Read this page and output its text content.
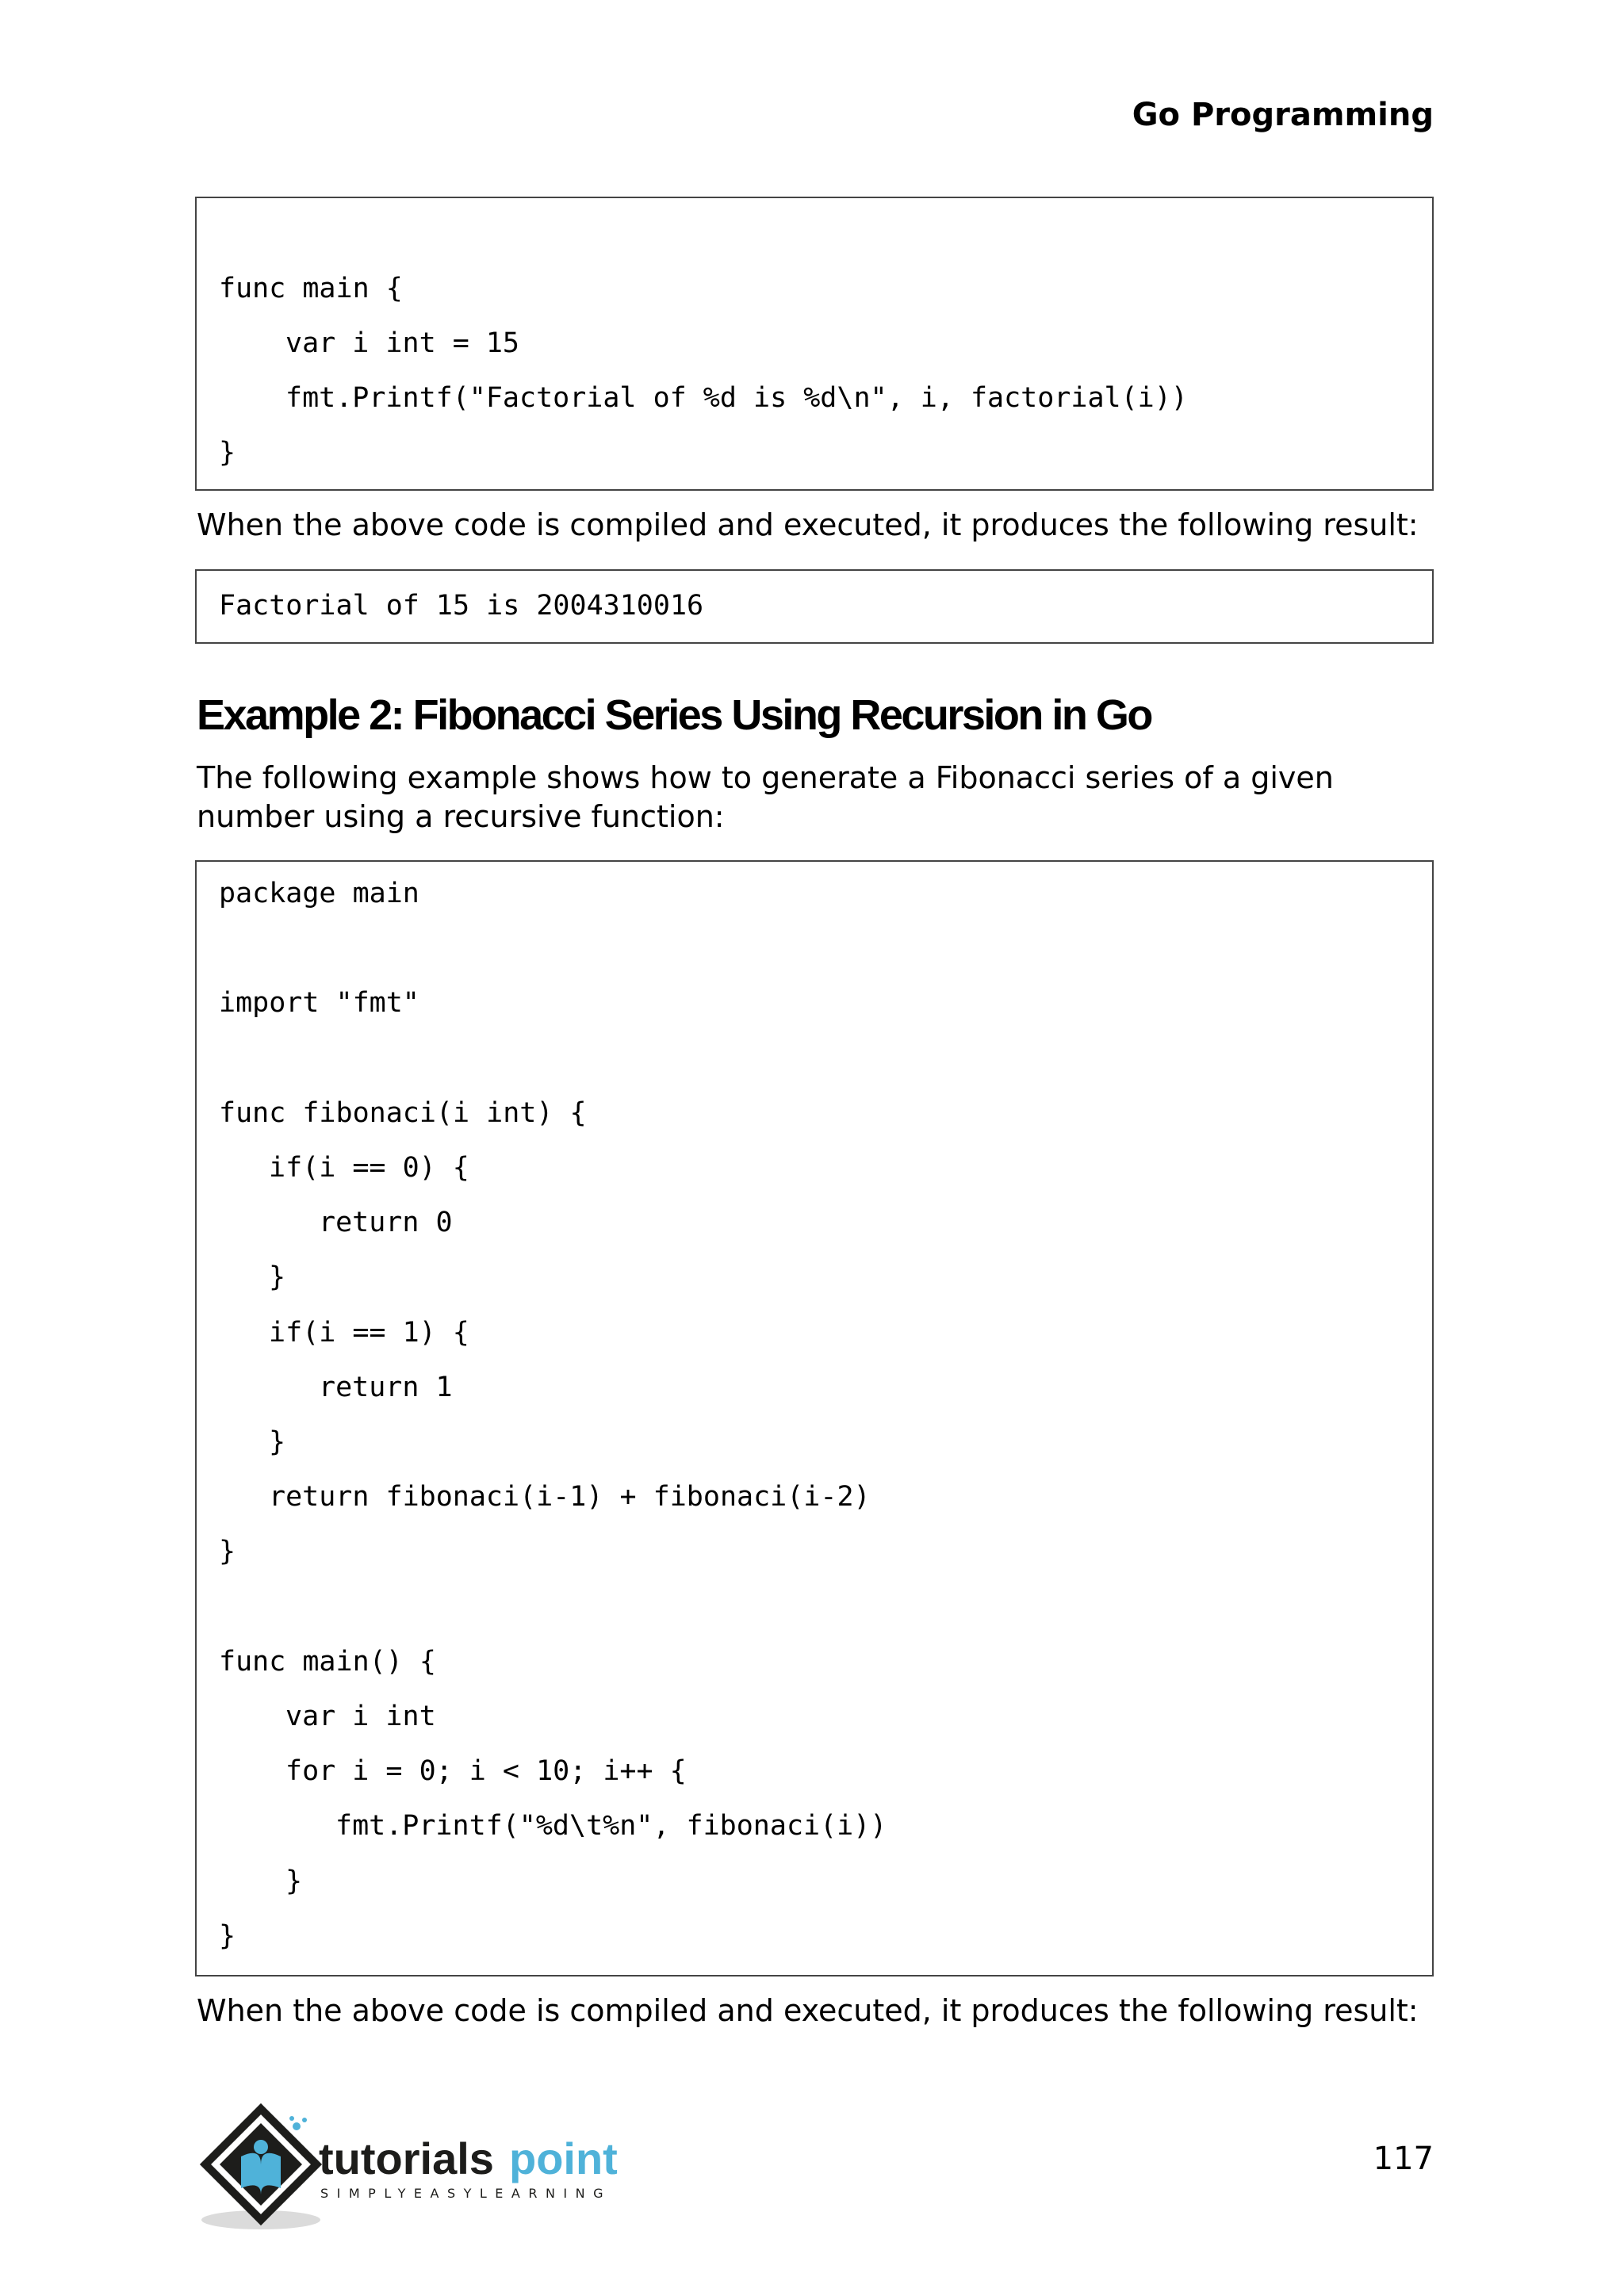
Go Programming
func main {
var i int = 15
fmt.Printf("Factorial of %d is %d\n", i, factorial(i))
}
When the above code is compiled and executed, it produces the following result:
Factorial of 15 is 2004310016
Example 2: Fibonacci Series Using Recursion in Go
The following example shows how to generate a Fibonacci series of a given number using a recursive function:
package main
import "fmt"
func fibonaci(i int) {
if(i == 0) {
return 0
}
if(i == 1) {
return 1
}
return fibonaci(i-1) + fibonaci(i-2)
}
func main() {
var i int
for i = 0; i < 10; i++ {
fmt.Printf("%d\t%n", fibonaci(i))
}
}
When the above code is compiled and executed, it produces the following result:
tutorials point
SIMPLYEASYLEARNING
117
